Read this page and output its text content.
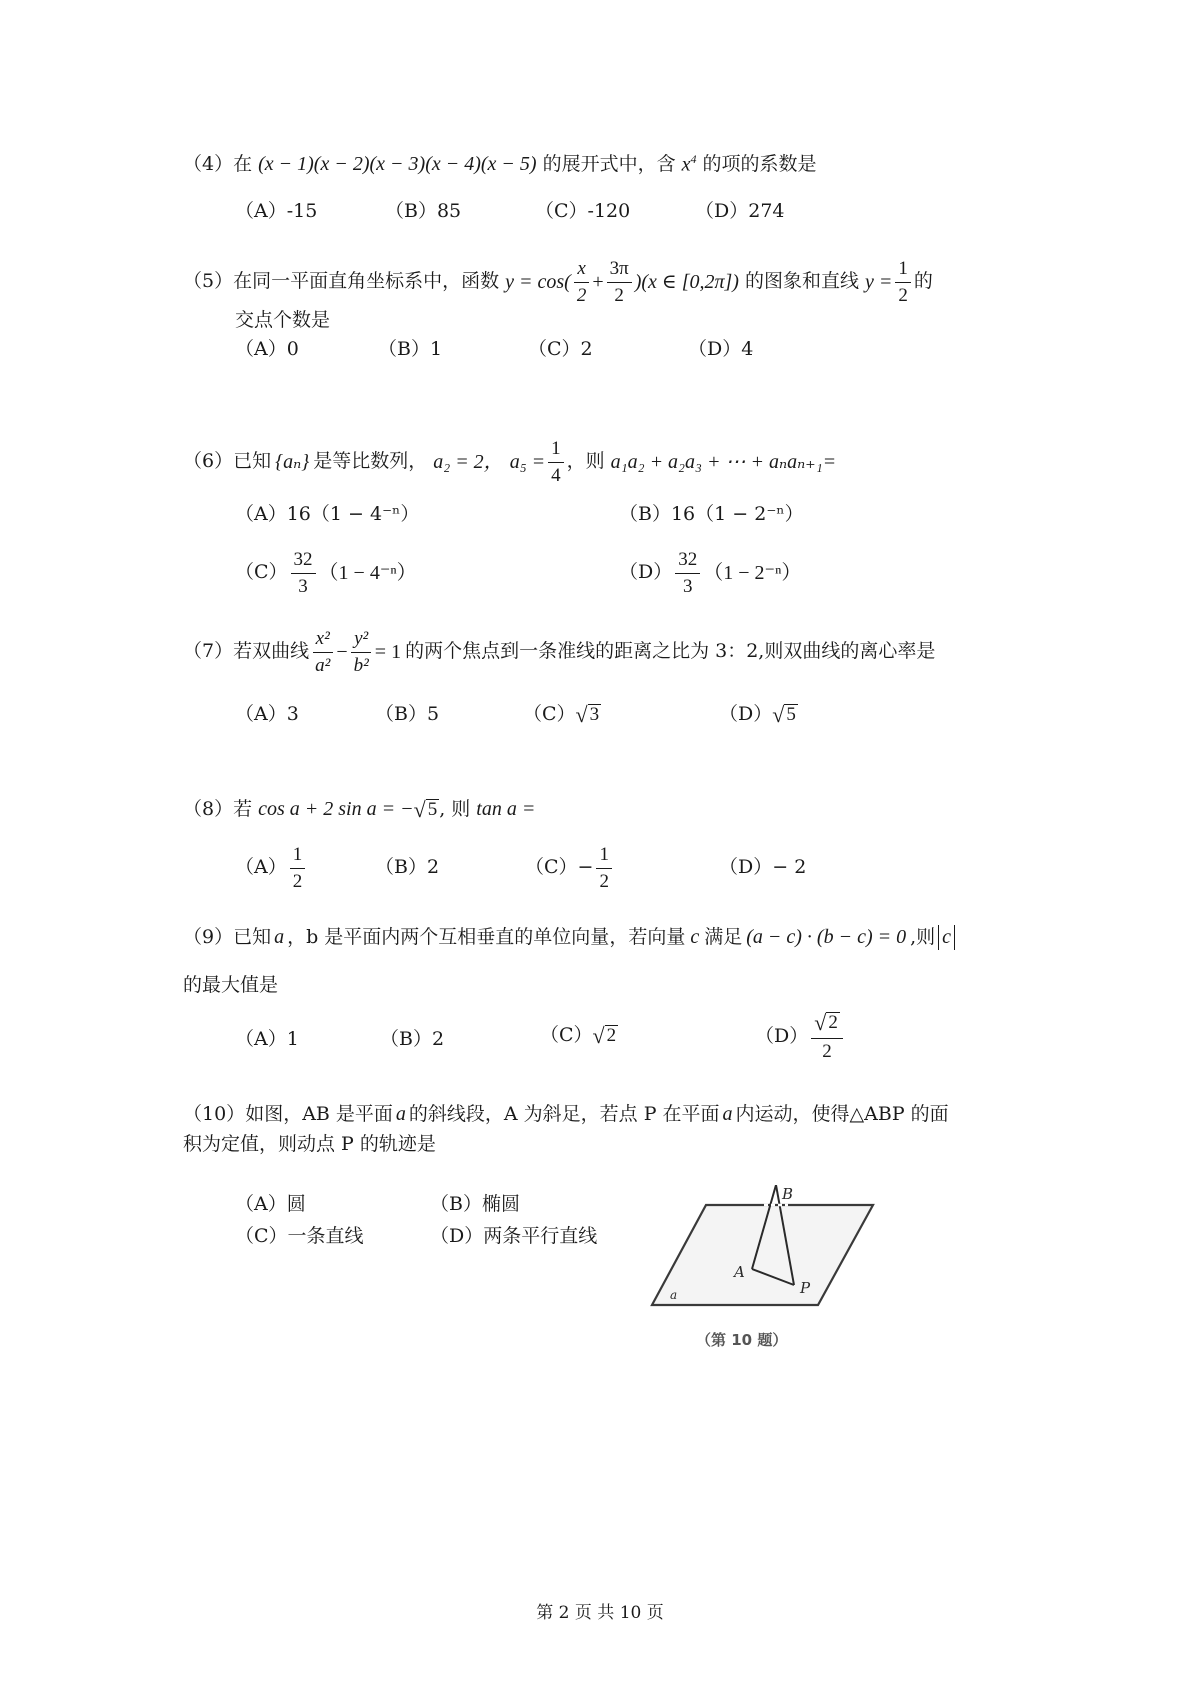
（4） 在 (x − 1)(x − 2)(x − 3)(x − 4)(x − 5) 的展开式中，含 $x^4$ 的项的系数是
（A）-15	（B）85	（C）-120	（D）274
（5） 在同一平面直角坐标系中，函数 $y = \cos( \frac{x}{2} + \frac{3\pi}{2} )(x$ ∈ [0,2π]) 的图象和直线 $y = \frac{1}{2}$ 的
交点个数是
（A）0	（B）1	（C）2	（D）4
（6） 已知 {aₙ} 是等比数列， a₂ = 2， $a_5 = \frac{1}{4}$ ，则 a₁a₂ + a₂a₃ + ⋯ + aₙaₙ₊₁=
（A）16（1 − 4⁻ⁿ）	（B）16（1 − 2⁻ⁿ）
$(C) \frac{32}{3} (1 - 4^{-n})$	$(D) \frac{32}{3} (1 - 2^{-n})$
（7） 若双曲线 $\frac{\text{x²}}{\text{a²}} - \frac{\text{y²}}{\text{b²}} = 1$ 的两个焦点到一条准线的距离之比为 3：2,则双曲线的离心率是
（A）3	（B）5	（C） √ 3	（D） √ 5
（8） 若 cos a + 2 sin a = − √ 5 , 则 tan a =
$(A) \frac{1}{2}$	（B）2	$(C)- \frac{1}{2}$	（D）− 2
（9） 已知 a ，b 是平面内两个互相垂直的单位向量，若向量 c 满足 (a − c) · (b − c) = 0 ,则 c
的最大值是
（A）1	（B）2	（C） √ 2	$(D) \frac{√ 2}{2}$
（10） 如图，AB 是平面 a 的斜线段，A 为斜足，若点 P 在平面 a 内运动，使得△ABP 的面
积为定值，则动点 P 的轨迹是
（A）圆	（B）椭圆
（C）一条直线	（D）两条平行直线
B
A
P
a
（第 10 题）
第 2 页 共 10 页
